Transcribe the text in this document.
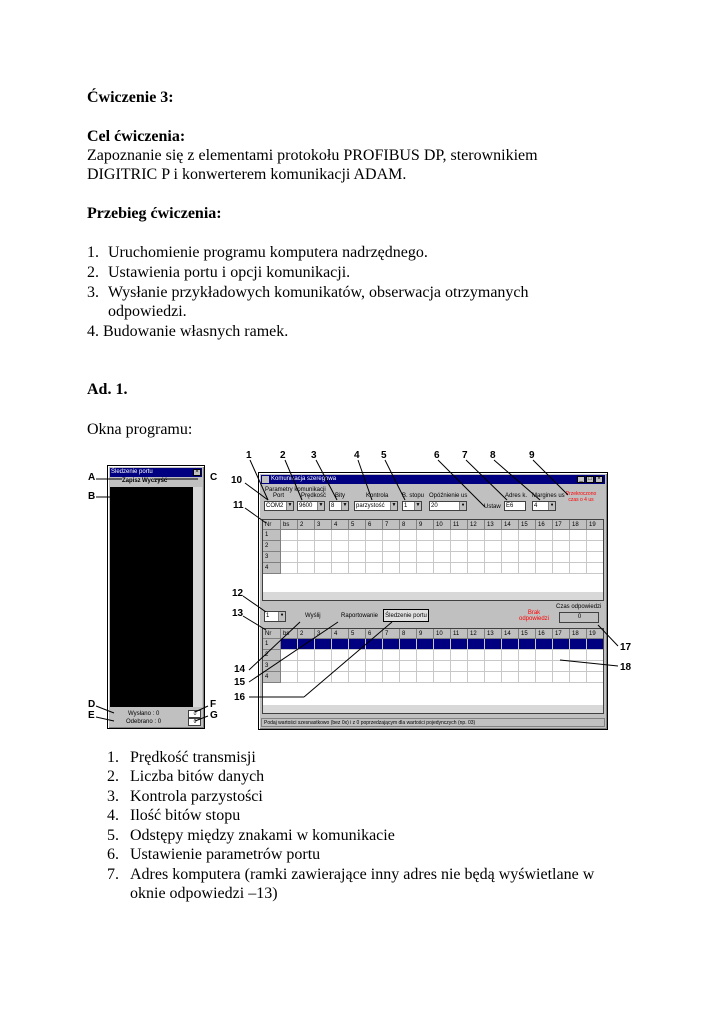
Ćwiczenie 3:
Cel ćwiczenia:
Zapoznanie się z elementami protokołu PROFIBUS DP, sterownikiem
DIGITRIC P i konwerterem komunikacji ADAM.
Przebieg ćwiczenia:
1. Uruchomienie programu komputera nadrzędnego.
2. Ustawienia portu i opcji komunikacji.
3. Wysłanie przykładowych komunikatów, obserwacja otrzymanych
odpowiedzi.
4. Budowanie własnych ramek.
Ad. 1.
Okna programu:
Śledzenie portu	×
Zapisz Wyczyść
Wysłano : 0
Odebrano : 0
0
0
Komunikacja szeregowa	_ □ ×
Parametry komunikacji
Port	Prędkość Bity	Kontrola B. stopu Opóźnienie us	Adres k. Margines us Przekroczono czas o 4 us
COM2 ▼	9600	▼	8	▼	parzystość	▼	1	▼	20	♦	Ustaw E6	4	♦
Nr	bs	2	3	4	5	6	7	8	9	10	11	12	13	14	15	16	17	18	19
1
2
3
4
1	♦	Wyślij	Raportowanie	Śledzenie portu	Brak odpowiedzi
Czas odpowiedzi
0
Nr	bs	2	3	4	5	6	7	8	9	10	11	12	13	14	15	16	17	18	19
1
2
3
4
Podaj wartości szesnastkowo (bez 0x) i z 0 poprzedzającym dla wartości pojedynczych (np. 03)
A
B
C
D
E
F
G
1	2	3	4 5	6 7 8	9
10
11
12
13
14
15
16
17
18
1. Prędkość transmisji
2. Liczba bitów danych
3. Kontrola parzystości
4. Ilość bitów stopu
5. Odstępy między znakami w komunikacie
6. Ustawienie parametrów portu
7. Adres komputera (ramki zawierające inny adres nie będą wyświetlane w
oknie odpowiedzi –13)
